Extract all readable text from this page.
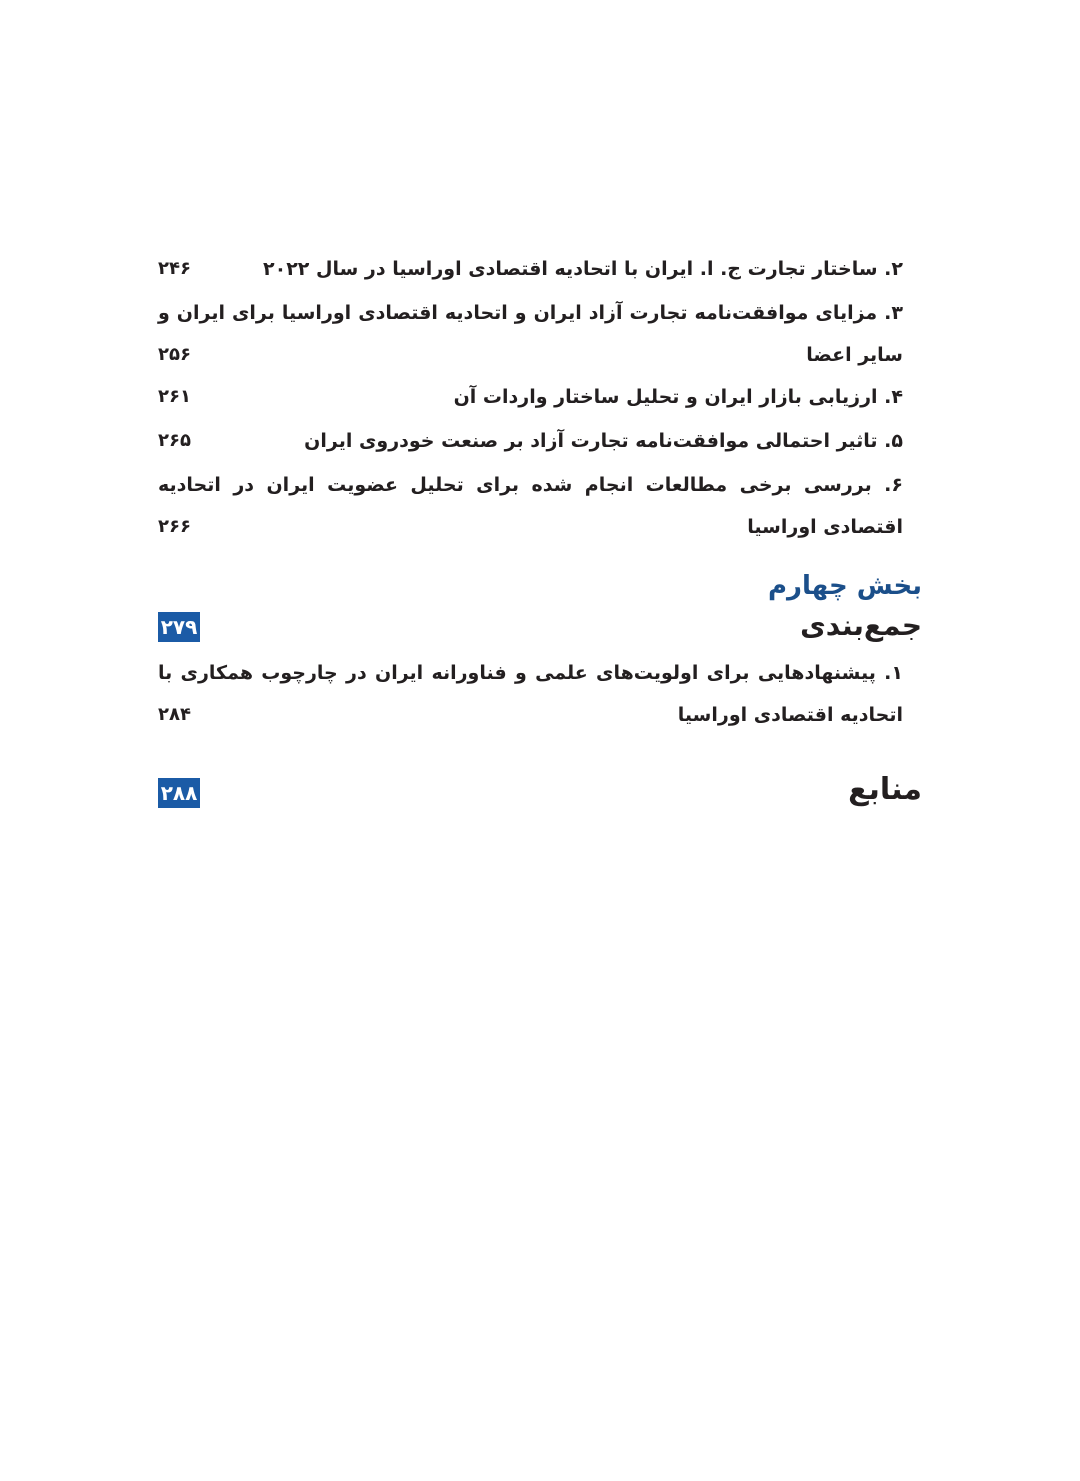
۲. ساختار تجارت ج. ا. ایران با اتحادیه اقتصادی اوراسیا در سال ۲۰۲۲
۲۴۶
۳. مزایای موافقت‌نامه تجارت آزاد ایران و اتحادیه اقتصادی اوراسیا برای ایران و سایر اعضا
۲۵۶
۴. ارزیابی بازار ایران و تحلیل ساختار واردات آن
۲۶۱
۵. تاثیر احتمالی موافقت‌نامه تجارت آزاد بر صنعت خودروی ایران
۲۶۵
۶. بررسی برخی مطالعات انجام شده برای تحلیل عضویت ایران در اتحادیه اقتصادی اوراسیا
۲۶۶
بخش چهارم
جمع‌بندی
۲۷۹
۱. پیشنهادهایی برای اولویت‌های علمی و فناورانه ایران در چارچوب همکاری با اتحادیه اقتصادی اوراسیا
۲۸۴
منابع
۲۸۸
